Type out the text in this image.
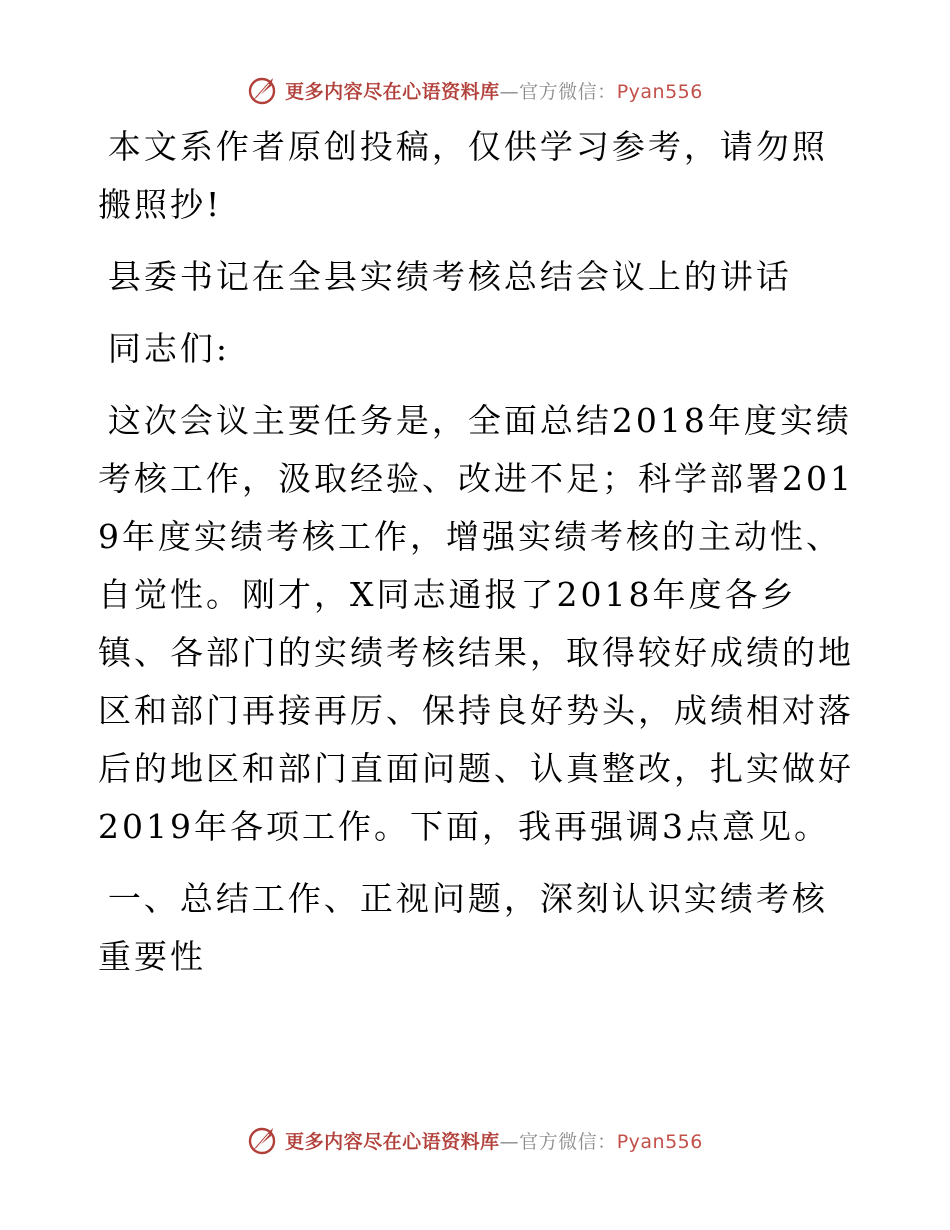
更多内容尽在心语资料库—官方微信：Pyan556

本文系作者原创投稿，仅供学习参考，请勿照搬照抄!

县委书记在全县实绩考核总结会议上的讲话

同志们:

这次会议主要任务是，全面总结2018年度实绩考核工作，汲取经验、改进不足；科学部署2019年度实绩考核工作，增强实绩考核的主动性、自觉性。刚才，X同志通报了2018年度各乡镇、各部门的实绩考核结果，取得较好成绩的地区和部门再接再厉、保持良好势头，成绩相对落后的地区和部门直面问题、认真整改，扎实做好2019年各项工作。下面，我再强调3点意见。

一、总结工作、正视问题，深刻认识实绩考核重要性

更多内容尽在心语资料库—官方微信：Pyan556
